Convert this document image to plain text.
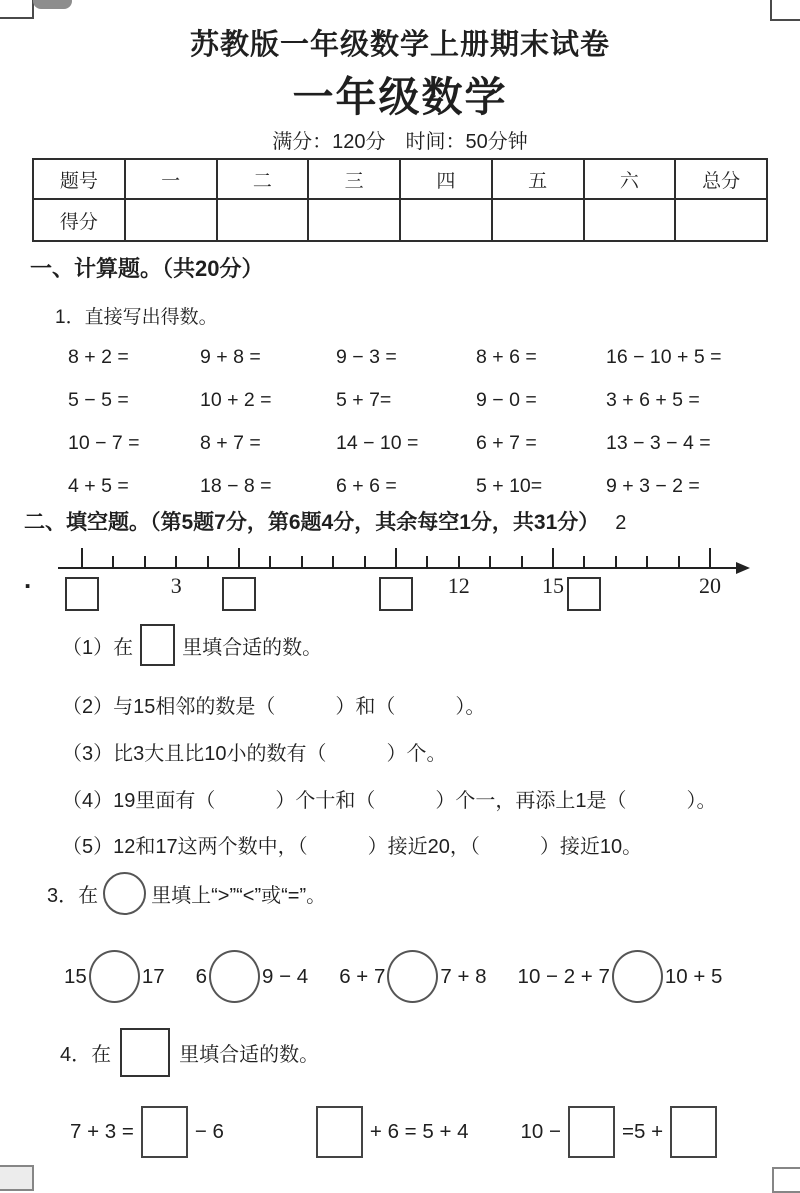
苏教版一年级数学上册期末试卷
一年级数学
满分：120分　时间：50分钟
题号	一	二	三	四	五	六	总分
得分							
一、计算题。（共20分）
1．直接写出得数。
8 + 2 =	9 + 8 =	9 − 3 =	8 + 6 =	16 − 10 + 5 =
5 − 5 =	10 + 2 =	5 + 7=	9 − 0 =	3 + 6 + 5 =
10 − 7 =	8 + 7 =	14 − 10 =	6 + 7 =	13 − 3 − 4 =
4 + 5 =	18 − 8 =	6 + 6 =	5 + 10=	9 + 3 − 2 =
二、填空题。（第5题7分，第6题4分，其余每空1分，共31分） 2
.	3	12	15	20
（1）在 里填合适的数。
（2）与15相邻的数是（　　　）和（　　　）。
（3）比3大且比10小的数有（　　　）个。
（4）19里面有（　　　）个十和（　　　）个一，再添上1是（　　　）。
（5）12和17这两个数中，（　　　）接近20，（　　　）接近10。
3．在	里填上“>”“<”或“=”。
15	17 6	9 − 4 6 + 7	7 + 8 10 − 2 + 7	10 + 5
4．在	里填合适的数。
7 + 3 =	− 6	+ 6 = 5 + 4	10 −	=5 +
